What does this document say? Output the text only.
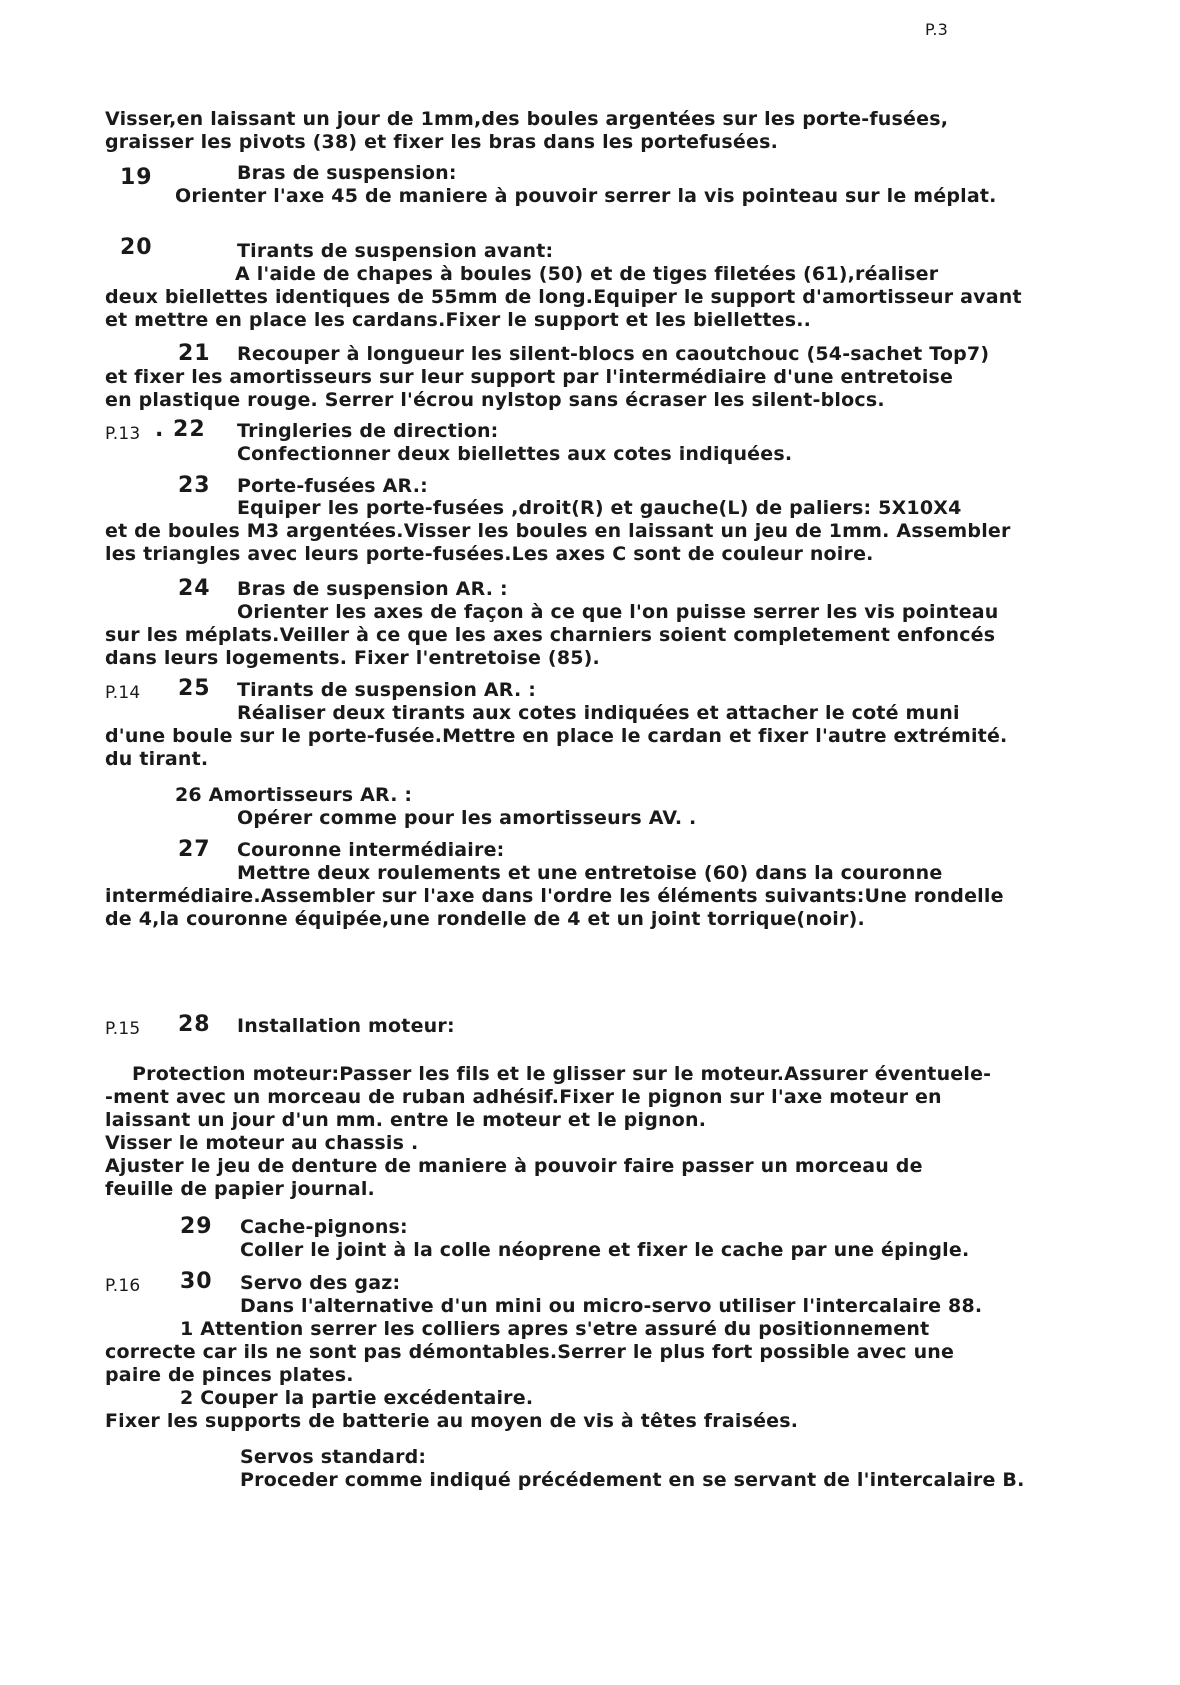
P.3
Visser,en laissant un jour de 1mm,des boules argentées sur les porte-fusées,
graisser les pivots (38) et fixer les bras dans les portefusées.
19	Bras de suspension:
Orienter l'axe 45 de maniere à pouvoir serrer la vis pointeau sur le méplat.
20	Tirants de suspension avant:
A l'aide de chapes à boules (50) et de tiges filetées (61),réaliser
deux biellettes identiques de 55mm de long.Equiper le support d'amortisseur avant
et mettre en place les cardans.Fixer le support et les biellettes..
21 Recouper à longueur les silent-blocs en caoutchouc (54-sachet Top7)
et fixer les amortisseurs sur leur support par l'intermédiaire d'une entretoise
en plastique rouge. Serrer l'écrou nylstop sans écraser les silent-blocs.
P.13 . 22 Tringleries de direction:
Confectionner deux biellettes aux cotes indiquées.
23 Porte-fusées AR.:
Equiper les porte-fusées ,droit(R) et gauche(L) de paliers: 5X10X4
et de boules M3 argentées.Visser les boules en laissant un jeu de 1mm. Assembler
les triangles avec leurs porte-fusées.Les axes C sont de couleur noire.
24 Bras de suspension AR. :
Orienter les axes de façon à ce que l'on puisse serrer les vis pointeau
sur les méplats.Veiller à ce que les axes charniers soient completement enfoncés
dans leurs logements. Fixer l'entretoise (85).
P.14 25 Tirants de suspension AR. :
Réaliser deux tirants aux cotes indiquées et attacher le coté muni
d'une boule sur le porte-fusée.Mettre en place le cardan et fixer l'autre extrémité.
du tirant.
26 Amortisseurs AR. :
Opérer comme pour les amortisseurs AV. .
27 Couronne intermédiaire:
Mettre deux roulements et une entretoise (60) dans la couronne
intermédiaire.Assembler sur l'axe dans l'ordre les éléments suivants:Une rondelle
de 4,la couronne équipée,une rondelle de 4 et un joint torrique(noir).
P.15 28 Installation moteur:
Protection moteur:Passer les fils et le glisser sur le moteur.Assurer éventuele-
-ment avec un morceau de ruban adhésif.Fixer le pignon sur l'axe moteur en
laissant un jour d'un mm. entre le moteur et le pignon.
Visser le moteur au chassis .
Ajuster le jeu de denture de maniere à pouvoir faire passer un morceau de
feuille de papier journal.
29 Cache-pignons:
Coller le joint à la colle néoprene et fixer le cache par une épingle.
P.16 30 Servo des gaz:
Dans l'alternative d'un mini ou micro-servo utiliser l'intercalaire 88.
1 Attention serrer les colliers apres s'etre assuré du positionnement
correcte car ils ne sont pas démontables.Serrer le plus fort possible avec une
paire de pinces plates.
2 Couper la partie excédentaire.
Fixer les supports de batterie au moyen de vis à têtes fraisées.
Servos standard:
Proceder comme indiqué précédement en se servant de l'intercalaire B.
